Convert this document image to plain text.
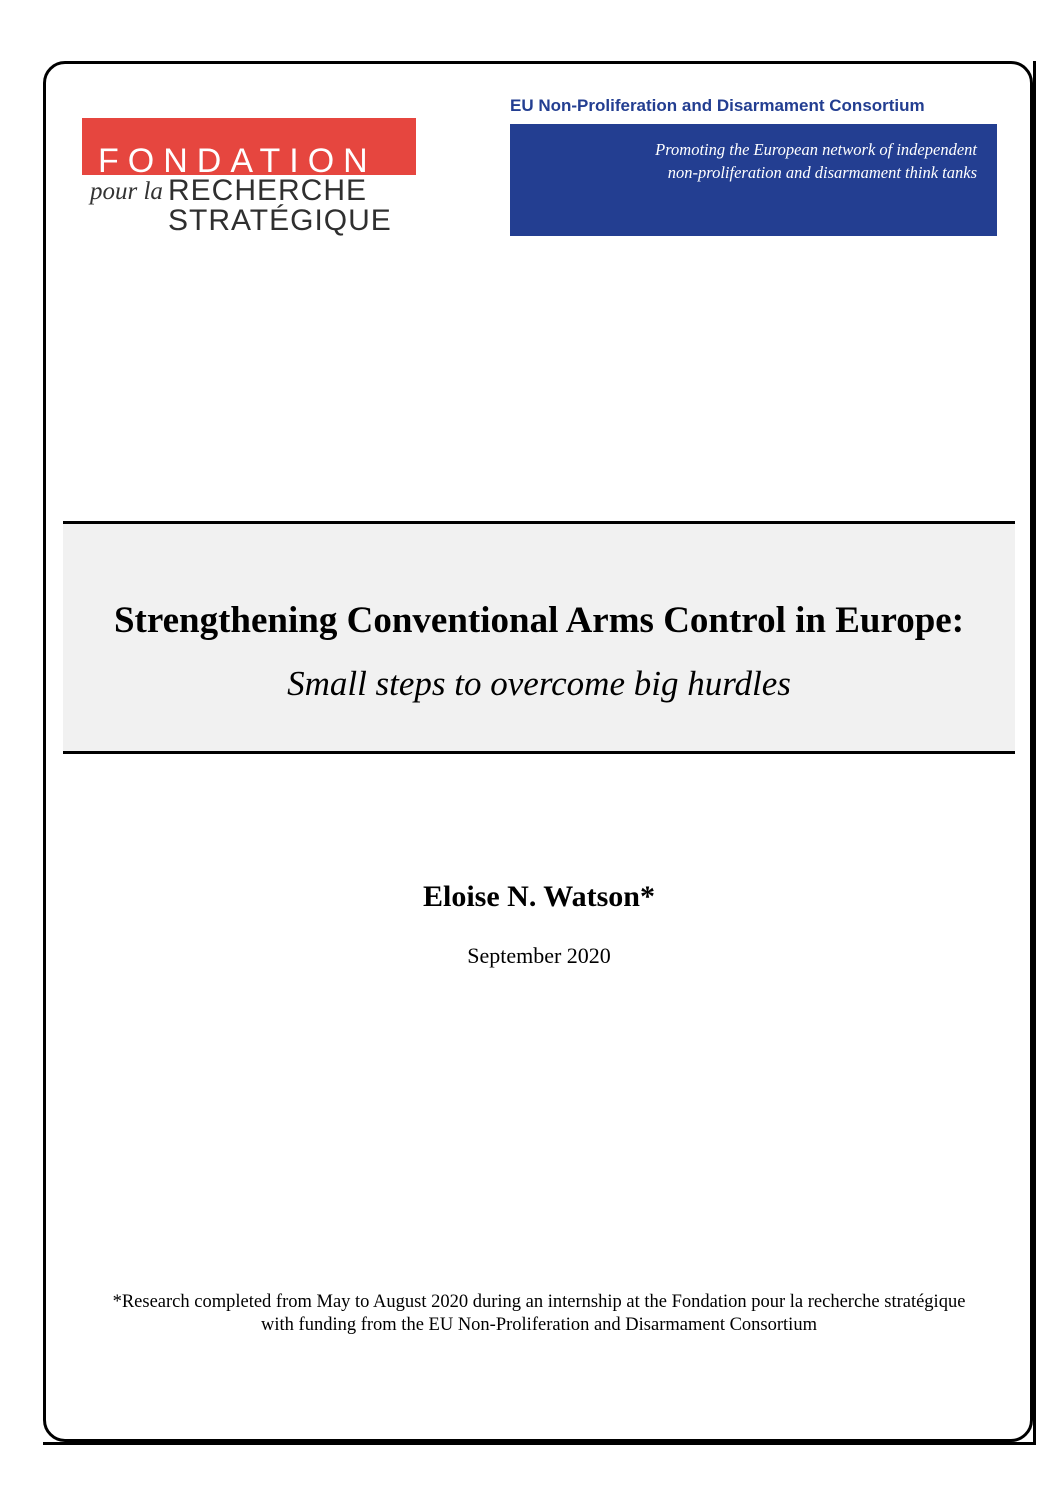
FONDATION
pour la RECHERCHE
STRATÉGIQUE
EU Non-Proliferation and Disarmament Consortium
Promoting the European network of independent
non-proliferation and disarmament think tanks
Strengthening Conventional Arms Control in Europe:
Small steps to overcome big hurdles
Eloise N. Watson*
September 2020
*Research completed from May to August 2020 during an internship at the Fondation pour la recherche stratégique
with funding from the EU Non-Proliferation and Disarmament Consortium
